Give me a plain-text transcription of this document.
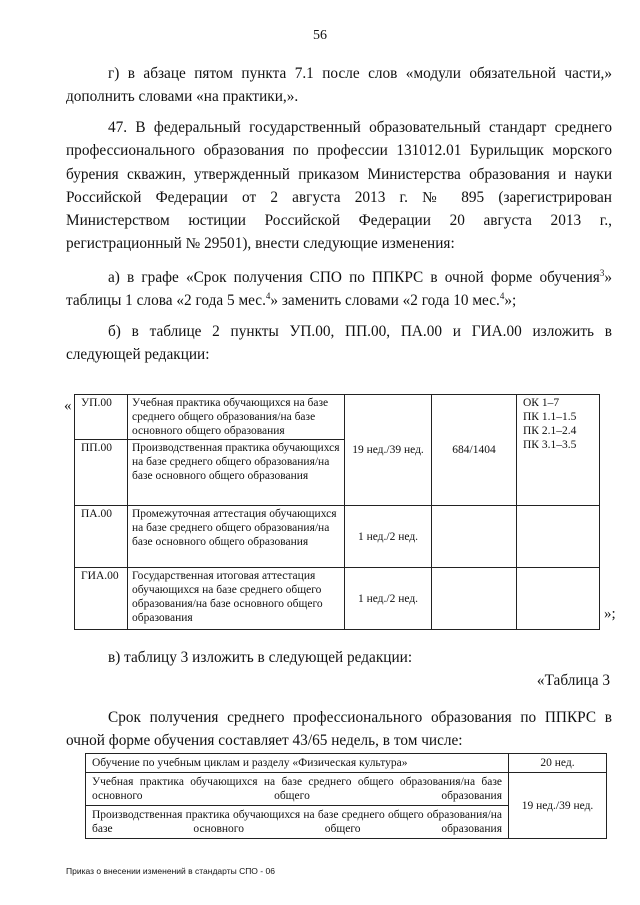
56

г) в абзаце пятом пункта 7.1 после слов «модули обязательной части,» дополнить словами «на практики,».

47. В федеральный государственный образовательный стандарт среднего профессионального образования по профессии 131012.01 Бурильщик морского бурения скважин, утвержденный приказом Министерства образования и науки Российской Федерации от 2 августа 2013 г. № 895 (зарегистрирован Министерством юстиции Российской Федерации 20 августа 2013 г., регистрационный № 29501), внести следующие изменения:

а) в графе «Срок получения СПО по ППКРС в очной форме обучения$^3$» таблицы 1 слова «2 года 5 мес.$^4$» заменить словами «2 года 10 мес.$^4$»;

б) в таблице 2 пункты УП.00, ПП.00, ПА.00 и ГИА.00 изложить в следующей редакции:

« УП.00	Учебная практика обучающихся на базе среднего общего образования/на базе основного общего образования	19 нед./39 нед.	684/1404	ОК 1–7
ПК 1.1–1.5
ПК 2.1–2.4
ПК 3.1–3.5

ПП.00	Производственная практика обучающихся на базе среднего общего образования/на базе основного общего образования			
ПА.00	Промежуточная аттестация обучающихся на базе среднего общего образования/на базе основного общего образования	1 нед./2 нед.		
ГИА.00	Государственная итоговая аттестация обучающихся на базе среднего общего образования/на базе основного общего образования	1 нед./2 нед.		
»;

в) таблицу 3 изложить в следующей редакции:

«Таблица 3

Срок получения среднего профессионального образования по ППКРС в очной форме обучения составляет 43/65 недель, в том числе:

Обучение по учебным циклам и разделу «Физическая культура»	20 нед.
Учебная практика обучающихся на базе среднего общего образования/на базе основного общего образования	19 нед./39 нед.
Производственная практика обучающихся на базе среднего общего образования/на базе основного общего образования	
Приказ о внесении изменений в стандарты СПО - 06
